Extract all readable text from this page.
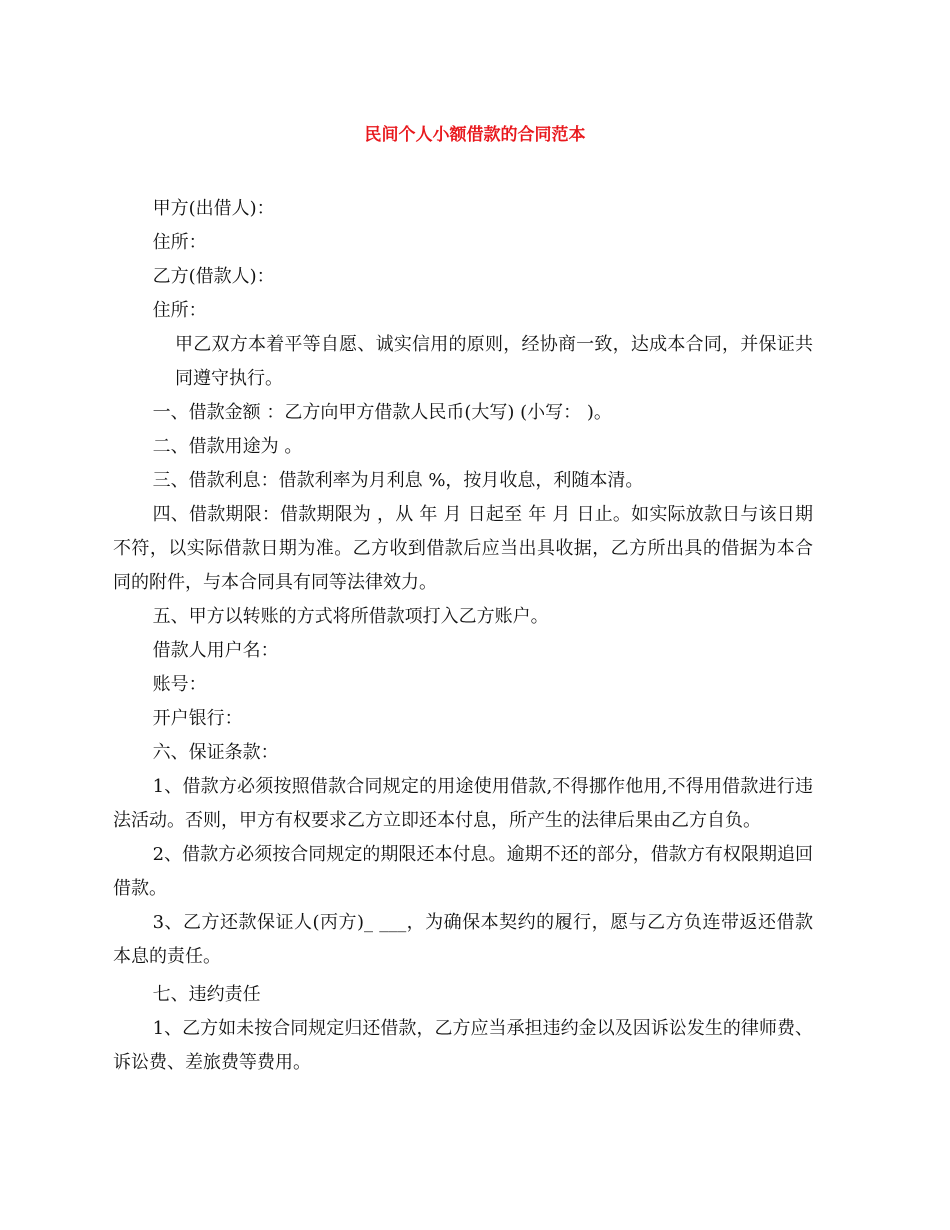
民间个人小额借款的合同范本

甲方(出借人)：

住所：

乙方(借款人)：

住所：

甲乙双方本着平等自愿、诚实信用的原则，经协商一致，达成本合同，并保证共同遵守执行。

一、借款金额 ：乙方向甲方借款人民币(大写) (小写： )。

二、借款用途为 。

三、借款利息：借款利率为月利息 %，按月收息，利随本清。

四、借款期限：借款期限为 ，从 年 月 日起至 年 月 日止。如实际放款日与该日期不符，以实际借款日期为准。乙方收到借款后应当出具收据，乙方所出具的借据为本合同的附件，与本合同具有同等法律效力。

五、甲方以转账的方式将所借款项打入乙方账户。

借款人用户名：

账号：

开户银行：

六、保证条款：

1、借款方必须按照借款合同规定的用途使用借款,不得挪作他用,不得用借款进行违法活动。否则，甲方有权要求乙方立即还本付息，所产生的法律后果由乙方自负。

2、借款方必须按合同规定的期限还本付息。逾期不还的部分，借款方有权限期追回借款。

3、乙方还款保证人(丙方)_ ___，为确保本契约的履行，愿与乙方负连带返还借款本息的责任。

七、违约责任

1、乙方如未按合同规定归还借款，乙方应当承担违约金以及因诉讼发生的律师费、诉讼费、差旅费等费用。
